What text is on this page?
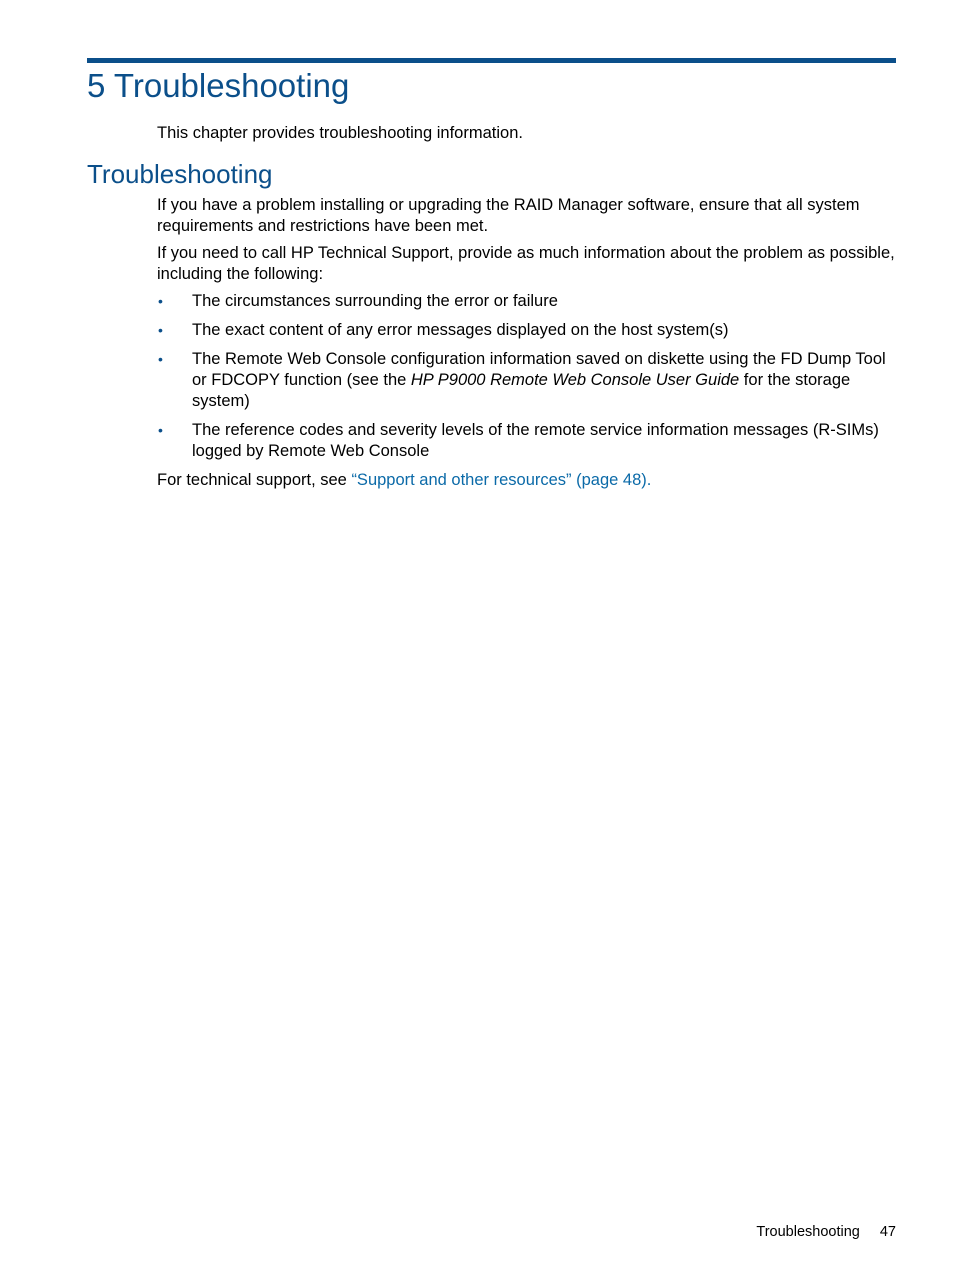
5 Troubleshooting

This chapter provides troubleshooting information.

Troubleshooting

If you have a problem installing or upgrading the RAID Manager software, ensure that all system requirements and restrictions have been met.

If you need to call HP Technical Support, provide as much information about the problem as possible, including the following:

• The circumstances surrounding the error or failure
• The exact content of any error messages displayed on the host system(s)
• The Remote Web Console configuration information saved on diskette using the FD Dump Tool or FDCOPY function (see the HP P9000 Remote Web Console User Guide for the storage system)
• The reference codes and severity levels of the remote service information messages (R-SIMs) logged by Remote Web Console

For technical support, see “Support and other resources” (page 48).

Troubleshooting 47
